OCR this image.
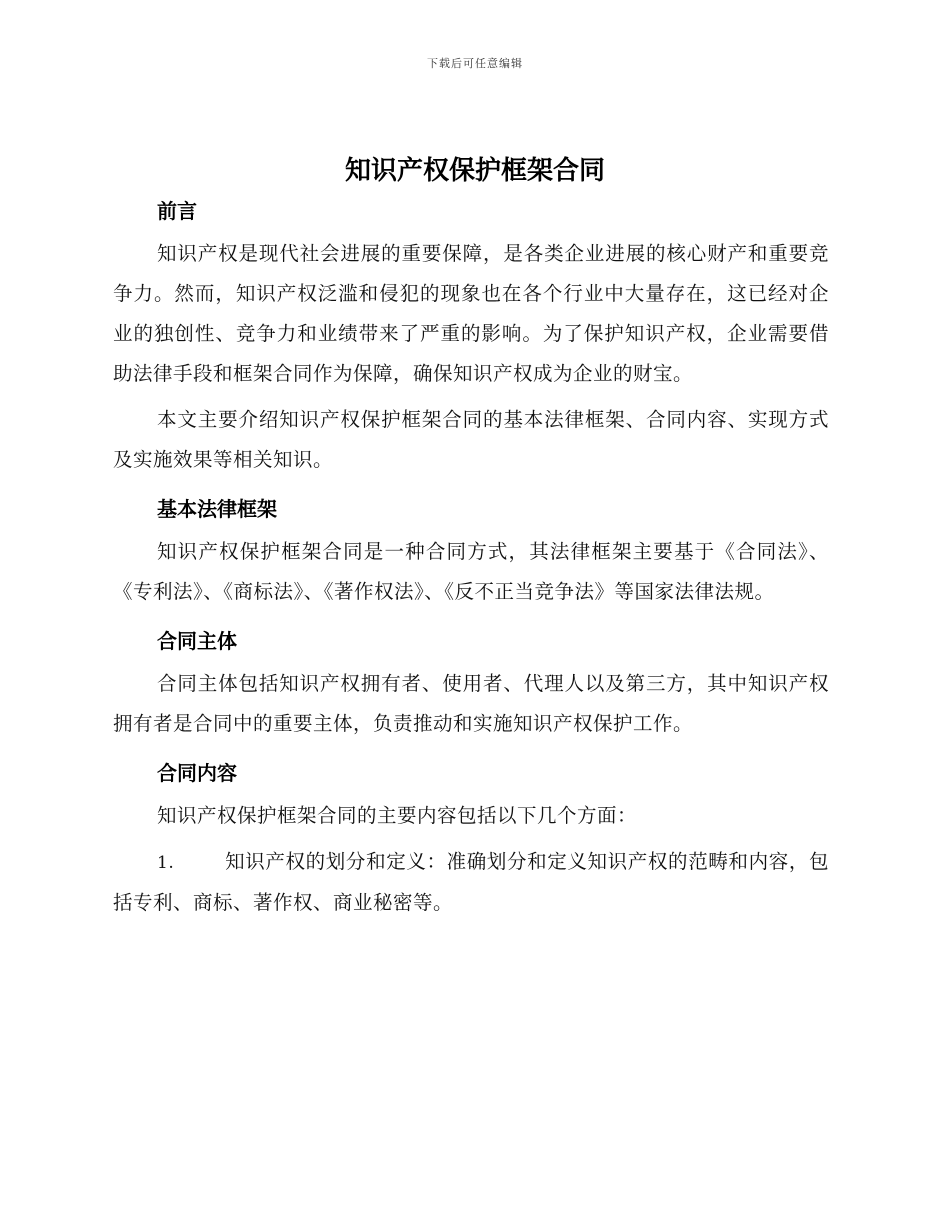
下载后可任意编辑
知识产权保护框架合同

前言

知识产权是现代社会进展的重要保障，是各类企业进展的核心财产和重要竞争力。然而，知识产权泛滥和侵犯的现象也在各个行业中大量存在，这已经对企业的独创性、竞争力和业绩带来了严重的影响。为了保护知识产权，企业需要借助法律手段和框架合同作为保障，确保知识产权成为企业的财宝。

本文主要介绍知识产权保护框架合同的基本法律框架、合同内容、实现方式及实施效果等相关知识。

基本法律框架

知识产权保护框架合同是一种合同方式，其法律框架主要基于《合同法》、《专利法》、《商标法》、《著作权法》、《反不正当竞争法》等国家法律法规。

合同主体

合同主体包括知识产权拥有者、使用者、代理人以及第三方，其中知识产权拥有者是合同中的重要主体，负责推动和实施知识产权保护工作。

合同内容

知识产权保护框架合同的主要内容包括以下几个方面：

1.	知识产权的划分和定义：准确划分和定义知识产权的范畴和内容，包括专利、商标、著作权、商业秘密等。
